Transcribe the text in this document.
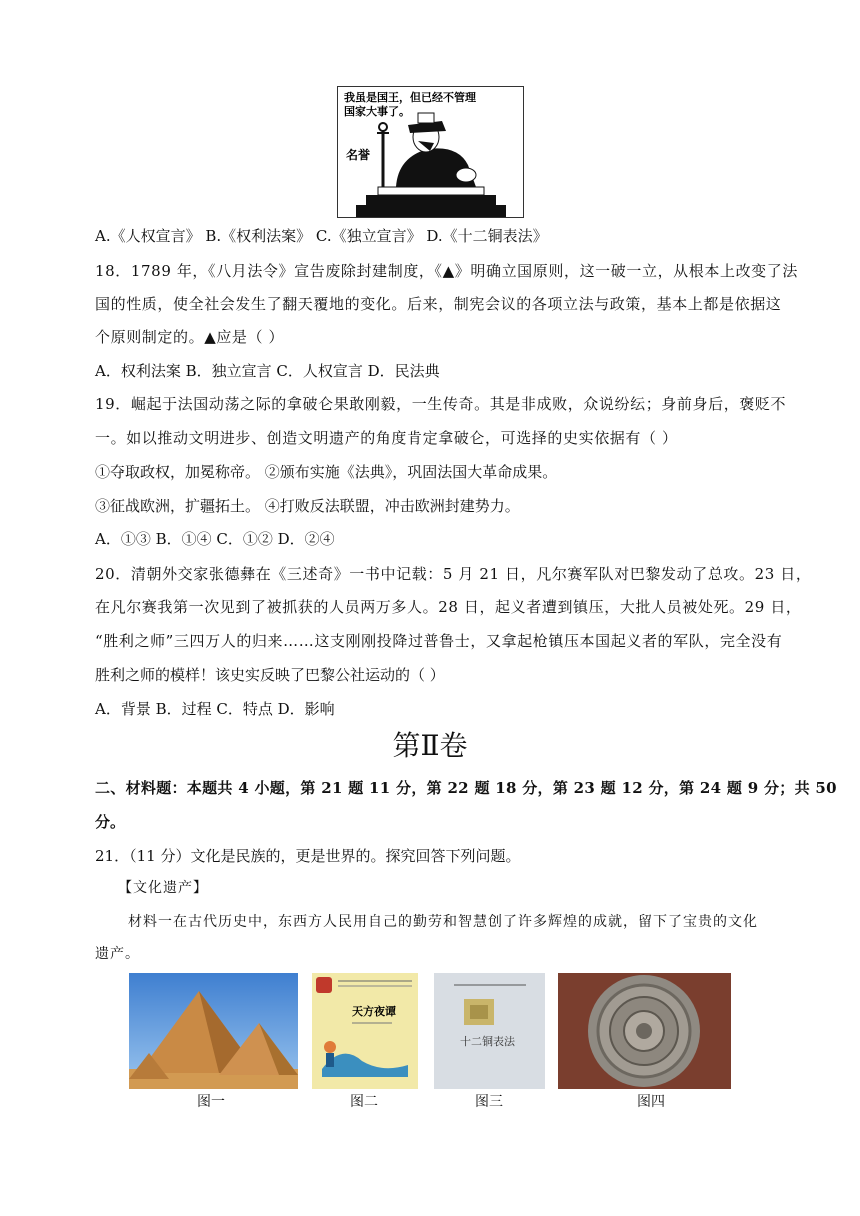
我虽是国王，但已经不管理
国家大事了。
名誉
A.《人权宣言》 B.《权利法案》 C.《独立宣言》 D.《十二铜表法》
18．1789 年，《八月法令》宣告废除封建制度，《▲》明确立国原则，这一破一立，从根本上改变了法
国的性质，使全社会发生了翻天覆地的变化。后来，制宪会议的各项立法与政策，基本上都是依据这
个原则制定的。▲应是（ ）
A．权利法案 B．独立宣言 C．人权宣言 D．民法典
19．崛起于法国动荡之际的拿破仑果敢刚毅，一生传奇。其是非成败，众说纷纭；身前身后，褒贬不
一。如以推动文明进步、创造文明遗产的角度肯定拿破仑，可选择的史实依据有（ ）
①夺取政权，加冕称帝。 ②颁布实施《法典》，巩固法国大革命成果。
③征战欧洲，扩疆拓土。 ④打败反法联盟，冲击欧洲封建势力。
A．①③ B．①④ C．①② D．②④
20．清朝外交家张德彝在《三述奇》一书中记载：5 月 21 日，凡尔赛军队对巴黎发动了总攻。23 日，
在凡尔赛我第一次见到了被抓获的人员两万多人。28 日，起义者遭到镇压，大批人员被处死。29 日，
“胜利之师”三四万人的归来……这支刚刚投降过普鲁士，又拿起枪镇压本国起义者的军队，完全没有
胜利之师的模样！该史实反映了巴黎公社运动的（ ）
A．背景 B．过程 C．特点 D．影响
第Ⅱ卷
二、材料题：本题共 4 小题，第 21 题 11 分，第 22 题 18 分，第 23 题 12 分，第 24 题 9 分；共 50
分。
21．（11 分）文化是民族的，更是世界的。探究回答下列问题。
【文化遗产】
材料一在古代历史中，东西方人民用自己的勤劳和智慧创了许多辉煌的成就，留下了宝贵的文化
遗产。
天方夜谭
十二铜表法
图一	图二	图三	图四
